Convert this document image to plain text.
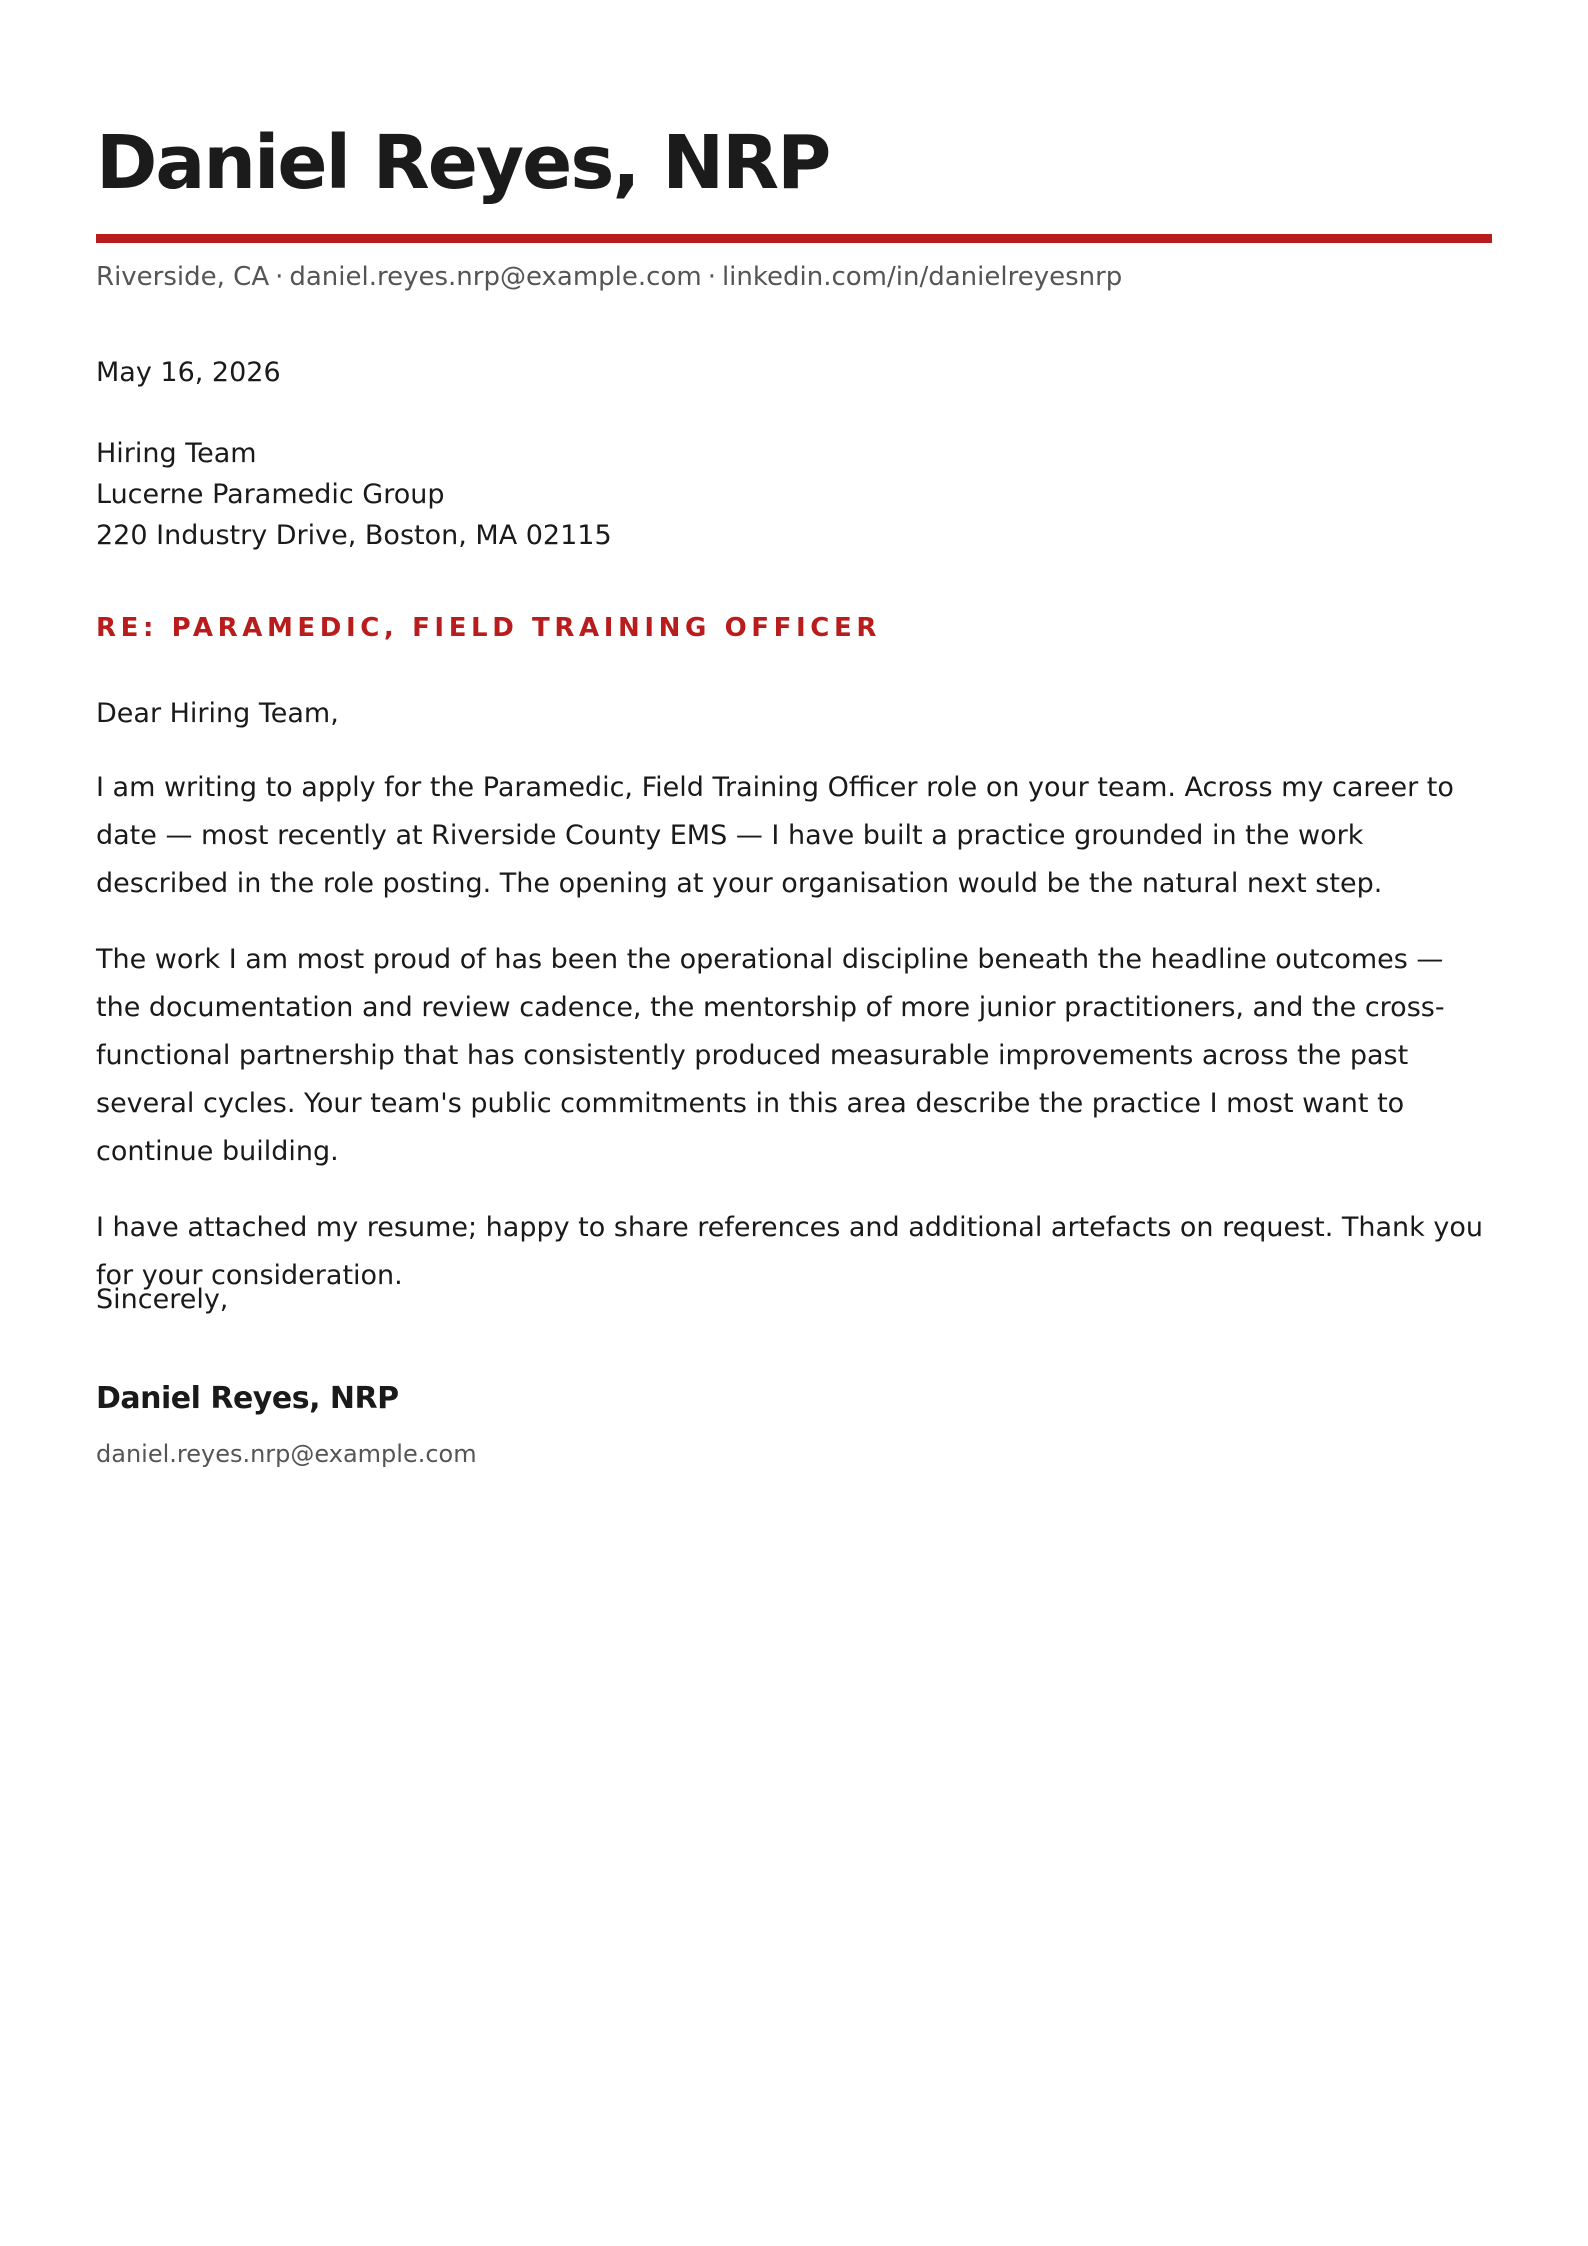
Daniel Reyes, NRP
Riverside, CA · daniel.reyes.nrp@example.com · linkedin.com/in/danielreyesnrp
May 16, 2026
Hiring Team
Lucerne Paramedic Group
220 Industry Drive, Boston, MA 02115
RE: PARAMEDIC, FIELD TRAINING OFFICER

Dear Hiring Team,

I am writing to apply for the Paramedic, Field Training Officer role on your team. Across my career to date — most recently at Riverside County EMS — I have built a practice grounded in the work described in the role posting. The opening at your organisation would be the natural next step.

The work I am most proud of has been the operational discipline beneath the headline outcomes — the documentation and review cadence, the mentorship of more junior practitioners, and the cross-functional partnership that has consistently produced measurable improvements across the past several cycles. Your team's public commitments in this area describe the practice I most want to continue building.

I have attached my resume; happy to share references and additional artefacts on request. Thank you for your consideration.

Sincerely,
Daniel Reyes, NRP
daniel.reyes.nrp@example.com
